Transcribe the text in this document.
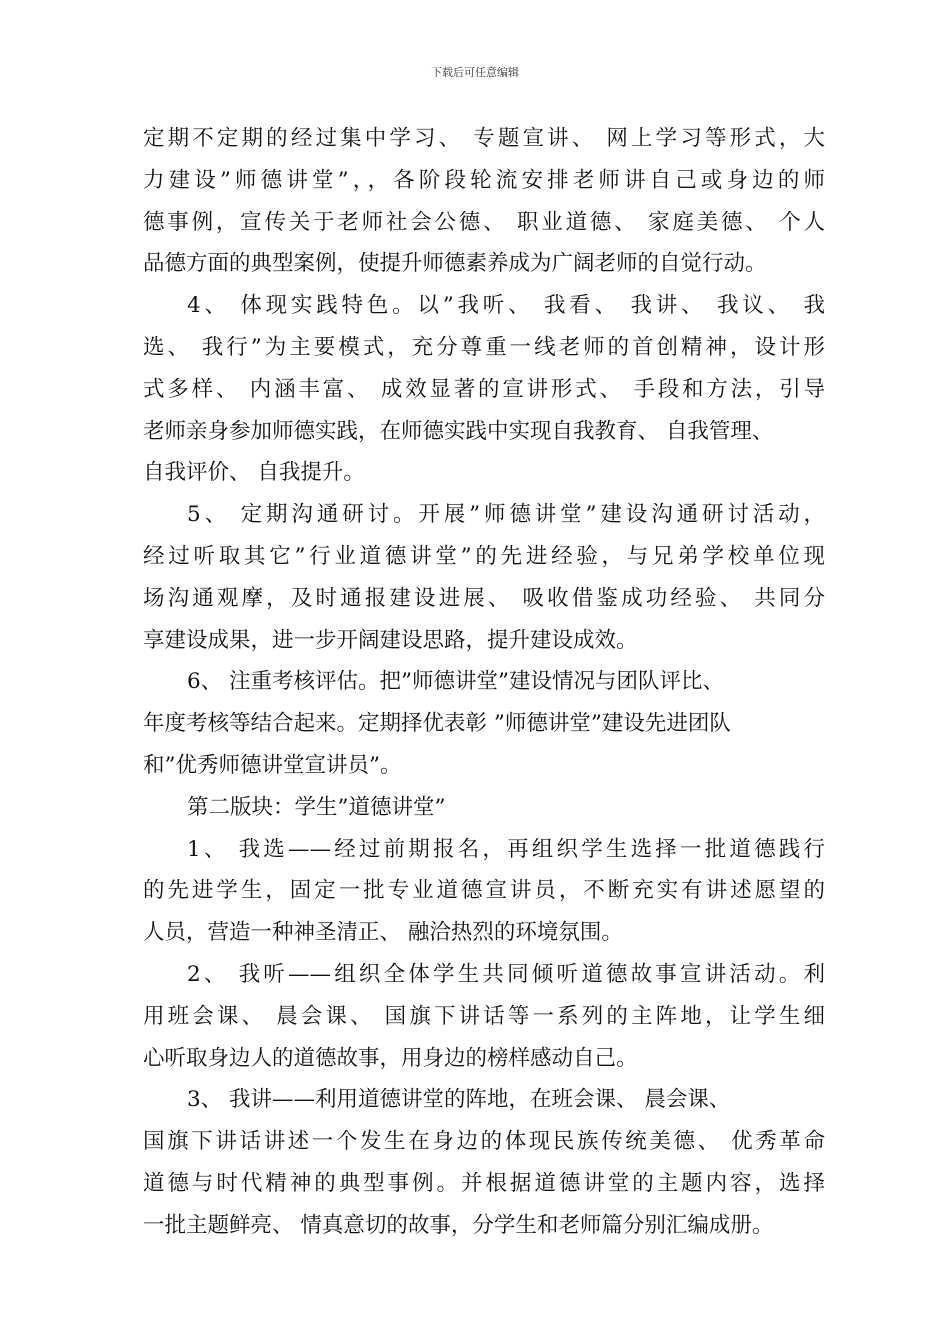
下载后可任意编辑
定期不定期的经过集中学习、 专题宣讲、 网上学习等形式，大
力建设”师德讲堂”，，各阶段轮流安排老师讲自己或身边的师
德事例，宣传关于老师社会公德、 职业道德、 家庭美德、 个人
品德方面的典型案例，使提升师德素养成为广阔老师的自觉行动。
4、 体现实践特色。以”我听、 我看、 我讲、 我议、 我
选、 我行”为主要模式，充分尊重一线老师的首创精神，设计形
式多样、 内涵丰富、 成效显著的宣讲形式、 手段和方法，引导
老师亲身参加师德实践，在师德实践中实现自我教育、 自我管理、
自我评价、 自我提升。
5、 定期沟通研讨。开展”师德讲堂”建设沟通研讨活动，
经过听取其它”行业道德讲堂”的先进经验，与兄弟学校单位现
场沟通观摩，及时通报建设进展、 吸收借鉴成功经验、 共同分
享建设成果，进一步开阔建设思路，提升建设成效。
6、 注重考核评估。把”师德讲堂”建设情况与团队评比、
年度考核等结合起来。定期择优表彰 ”师德讲堂”建设先进团队
和”优秀师德讲堂宣讲员”。
第二版块：学生”道德讲堂”
1、 我选——经过前期报名，再组织学生选择一批道德践行
的先进学生，固定一批专业道德宣讲员，不断充实有讲述愿望的
人员，营造一种神圣清正、 融洽热烈的环境氛围。
2、 我听——组织全体学生共同倾听道德故事宣讲活动。利
用班会课、 晨会课、 国旗下讲话等一系列的主阵地，让学生细
心听取身边人的道德故事，用身边的榜样感动自己。
3、 我讲——利用道德讲堂的阵地，在班会课、 晨会课、
国旗下讲话讲述一个发生在身边的体现民族传统美德、 优秀革命
道德与时代精神的典型事例。并根据道德讲堂的主题内容，选择
一批主题鲜亮、 情真意切的故事，分学生和老师篇分别汇编成册。
